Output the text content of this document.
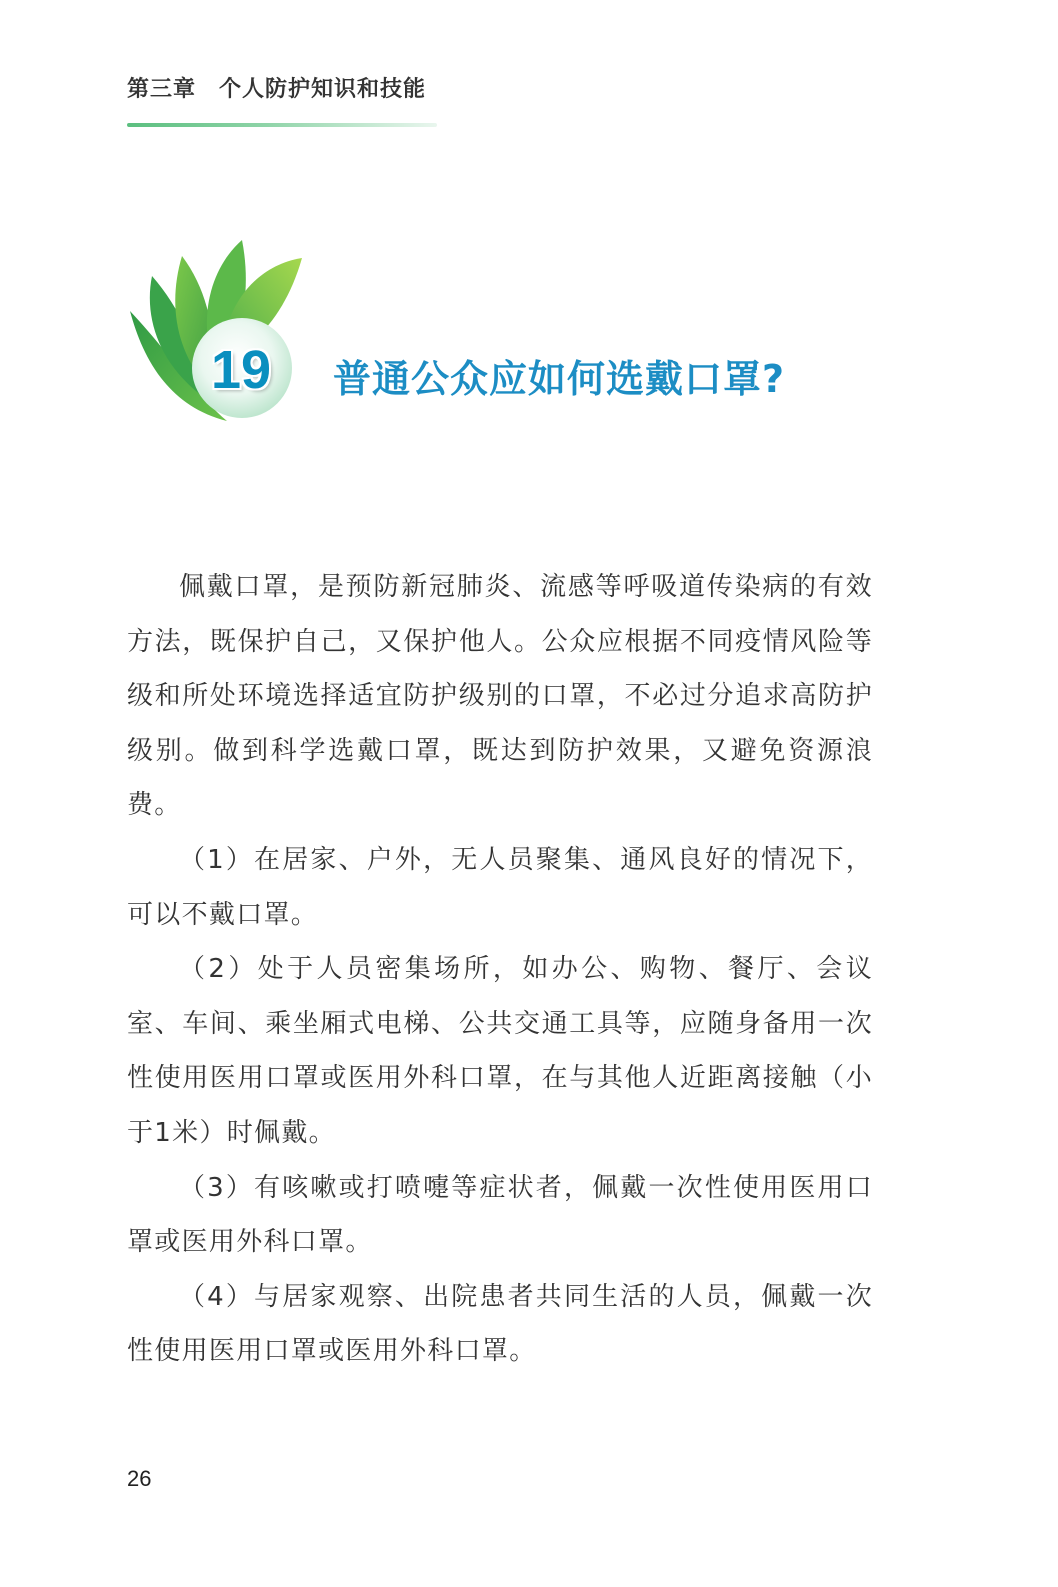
第三章　 个人防护知识和技能
19	普通公众应如何选戴口罩?

佩戴口罩，是预防新冠肺炎、流感等呼吸道传染病的有效方法，既保护自己，又保护他人。公众应根据不同疫情风险等级和所处环境选择适宜防护级别的口罩，不必过分追求高防护级别。做到科学选戴口罩，既达到防护效果，又避免资源浪费。

（1）在居家、户外，无人员聚集、通风良好的情况下，可以不戴口罩。

（2）处于人员密集场所，如办公、购物、餐厅、会议室、车间、乘坐厢式电梯、公共交通工具等，应随身备用一次性使用医用口罩或医用外科口罩，在与其他人近距离接触（小于1米）时佩戴。

（3）有咳嗽或打喷嚏等症状者，佩戴一次性使用医用口罩或医用外科口罩。

（4）与居家观察、出院患者共同生活的人员，佩戴一次性使用医用口罩或医用外科口罩。

26
